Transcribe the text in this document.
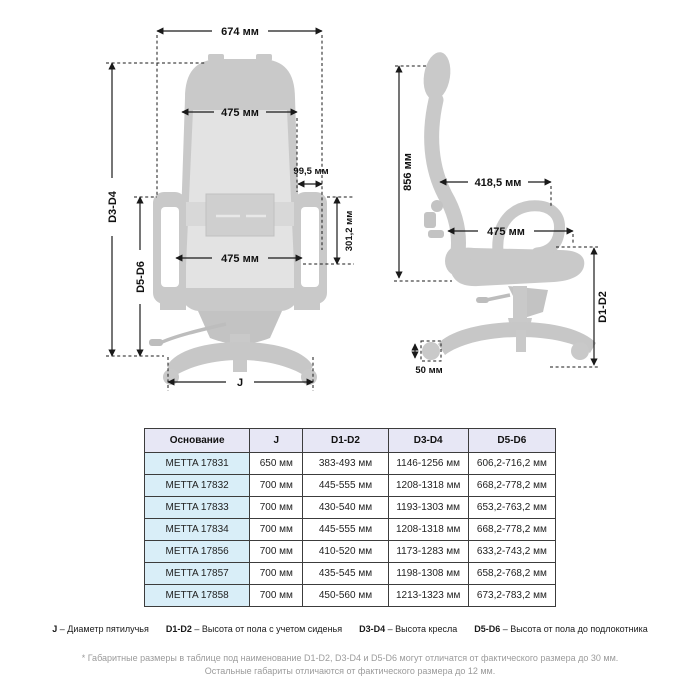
674 мм
D3-D4
D5-D6
475 мм
99,5 мм
301,2 мм
475 мм
J
856 мм	418,5 мм
475 мм
D1-D2
50 мм
Основание	J	D1-D2	D3-D4	D5-D6
METTA 17831	650 мм	383-493 мм	1146-1256 мм	606,2-716,2 мм
METTA 17832	700 мм	445-555 мм	1208-1318 мм	668,2-778,2 мм
METTA 17833	700 мм	430-540 мм	1193-1303 мм	653,2-763,2 мм
METTA 17834	700 мм	445-555 мм	1208-1318 мм	668,2-778,2 мм
METTA 17856	700 мм	410-520 мм	1173-1283 мм	633,2-743,2 мм
METTA 17857	700 мм	435-545 мм	1198-1308 мм	658,2-768,2 мм
METTA 17858	700 мм	450-560 мм	1213-1323 мм	673,2-783,2 мм
J – Диаметр пятилучья D1-D2 – Высота от пола с учетом сиденья D3-D4 – Высота кресла D5-D6 – Высота от пола до подлокотника
* Габаритные размеры в таблице под наименование D1-D2, D3-D4 и D5-D6 могут отличатся от фактического размера до 30 мм.
Остальные габариты отличаются от фактического размера до 12 мм.
